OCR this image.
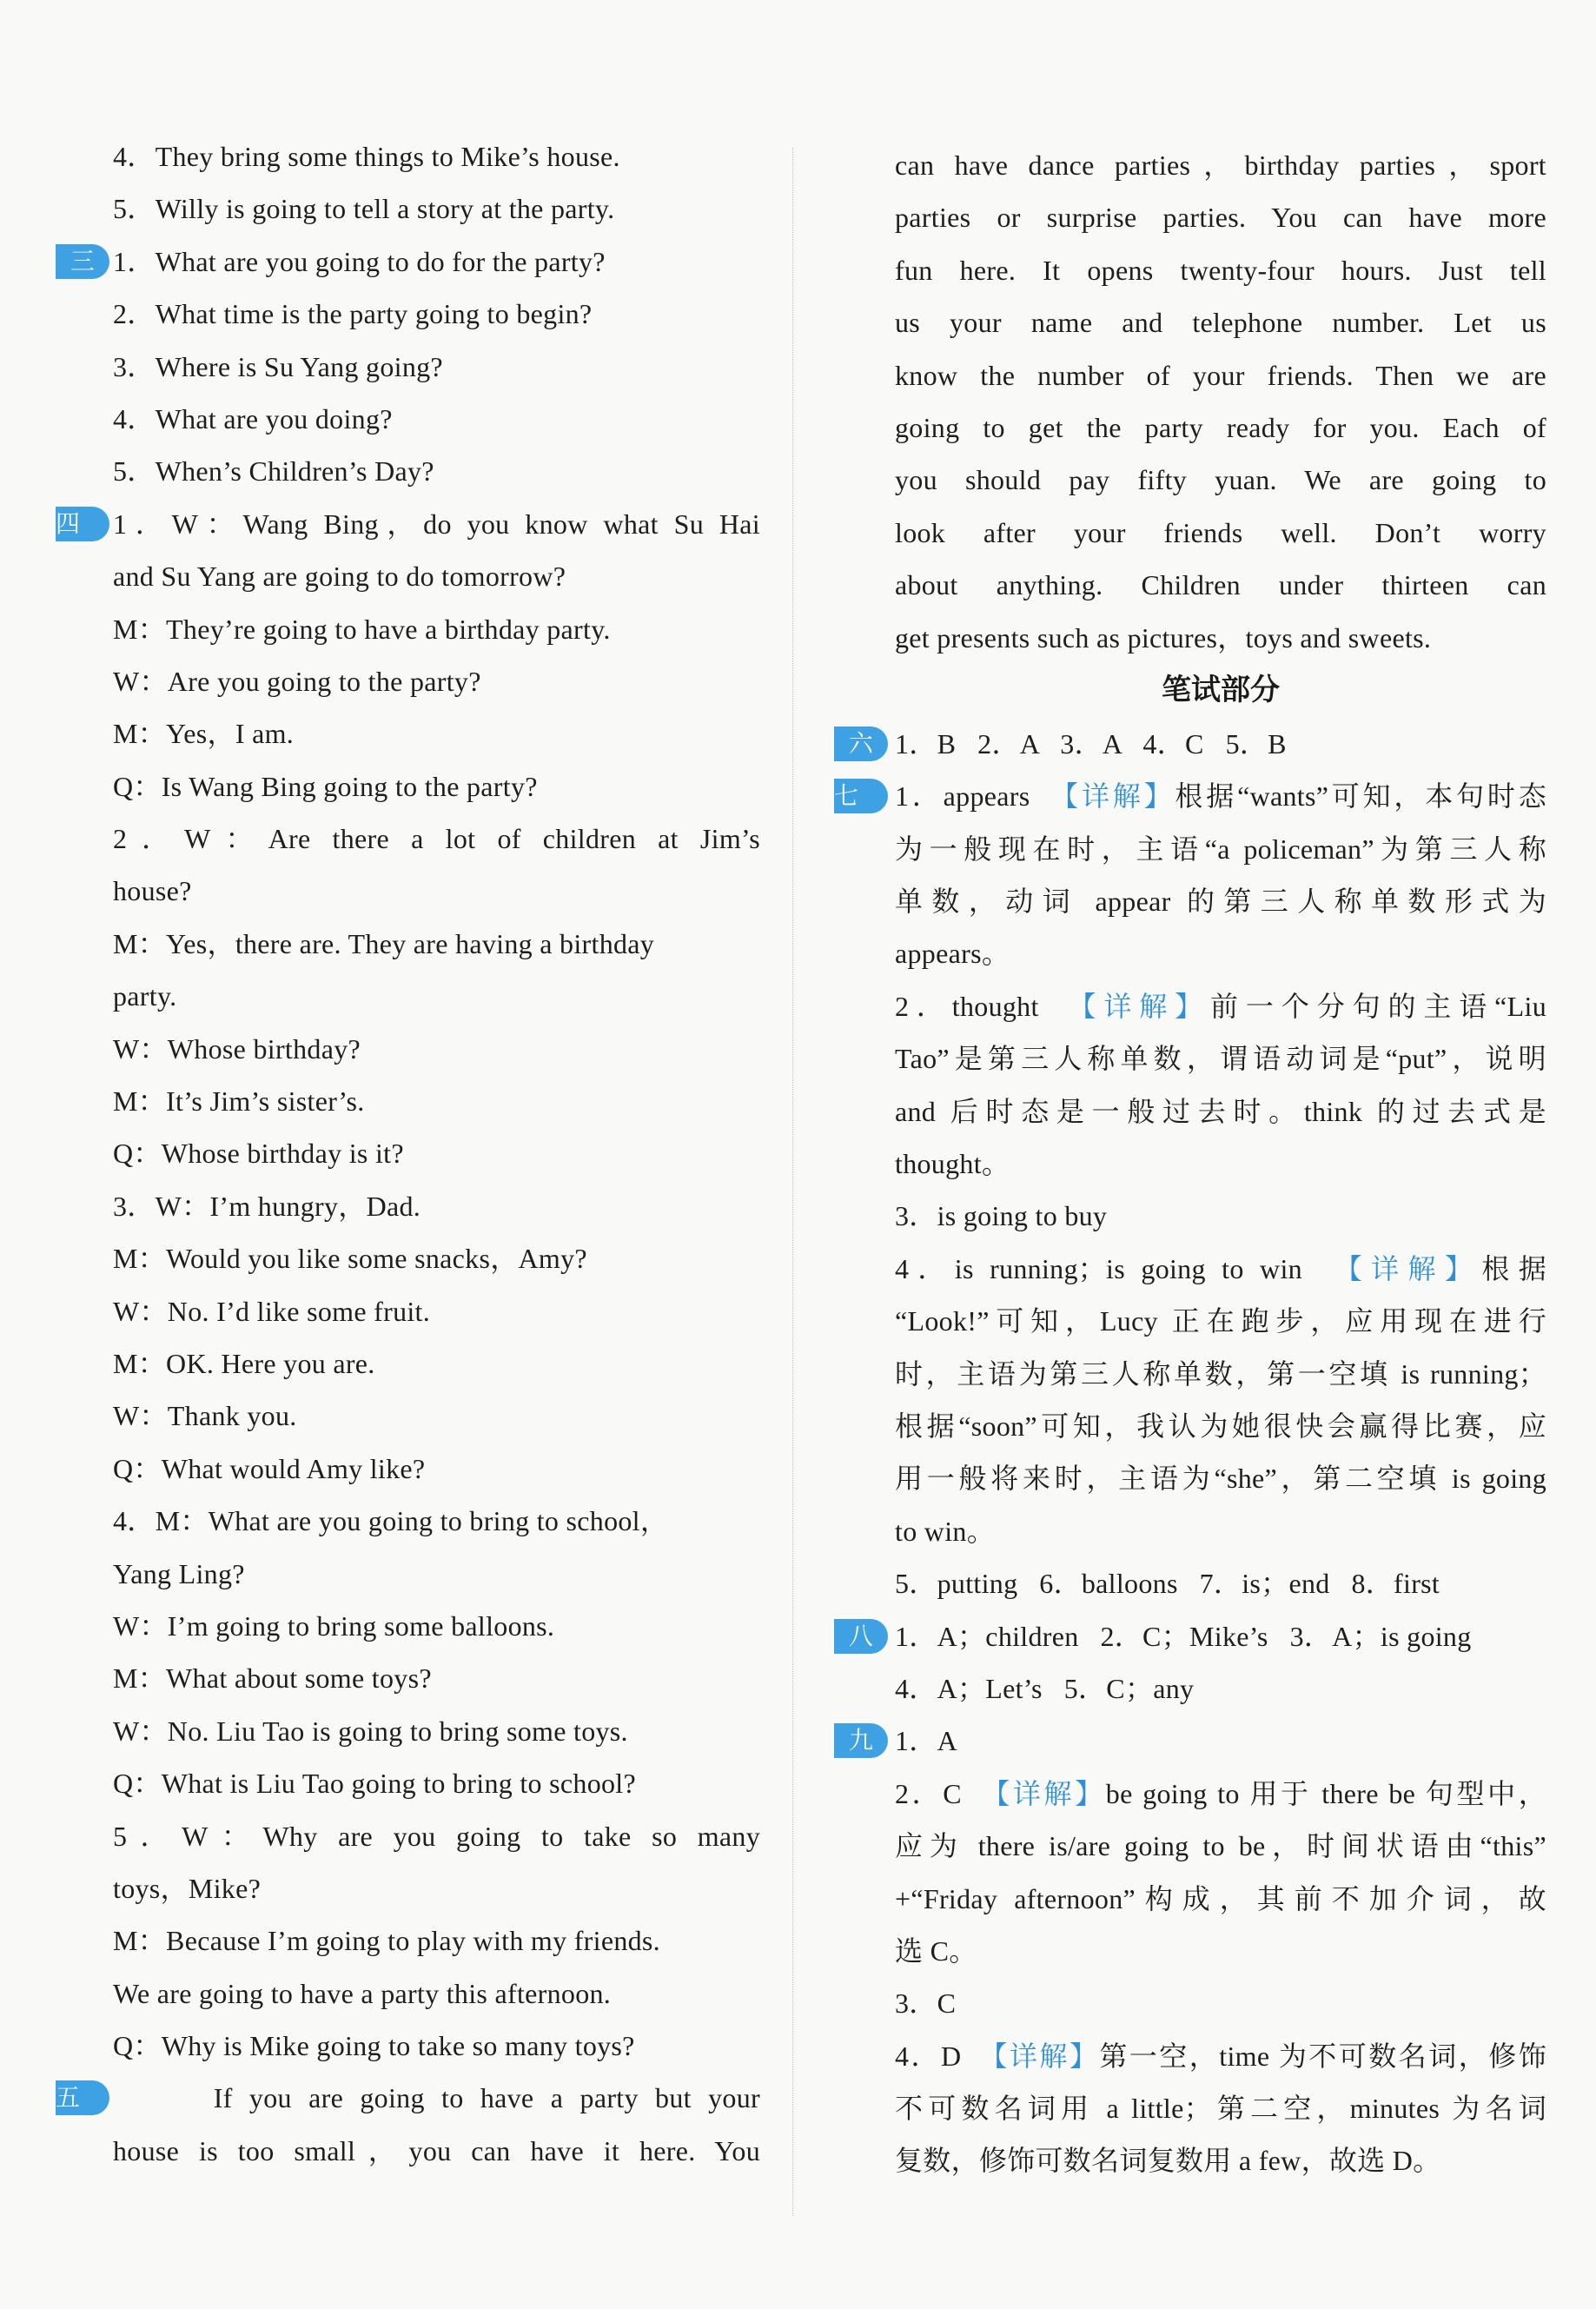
4．They bring some things to Mike’s house.
5．Willy is going to tell a story at the party.
三 1．What are you going to do for the party?
2．What time is the party going to begin?
3．Where is Su Yang going?
4．What are you doing?
5．When’s Children’s Day?
四	1．W：Wang Bing，do you know what Su Hai
and Su Yang are going to do tomorrow?
M：They’re going to have a birthday party.
W：Are you going to the party?
M：Yes，I am.
Q：Is Wang Bing going to the party?
2．W：Are there a lot of children at Jim’s
house?
M：Yes，there are. They are having a birthday
party.
W：Whose birthday?
M：It’s Jim’s sister’s.
Q：Whose birthday is it?
3．W：I’m hungry，Dad.
M：Would you like some snacks，Amy?
W：No. I’d like some fruit.
M：OK. Here you are.
W：Thank you.
Q：What would Amy like?
4．M：What are you going to bring to school，
Yang Ling?
W：I’m going to bring some balloons.
M：What about some toys?
W：No. Liu Tao is going to bring some toys.
Q：What is Liu Tao going to bring to school?
5．W：Why are you going to take so many
toys，Mike?
M：Because I’m going to play with my friends.
We are going to have a party this afternoon.
Q：Why is Mike going to take so many toys?
五	If you are going to have a party but your
house is too small，you can have it here. You
can have dance parties，birthday parties，sport
parties or surprise parties. You can have more
fun here. It opens twenty-four hours. Just tell
us your name and telephone number. Let us
know the number of your friends. Then we are
going to get the party ready for you. Each of
you should pay fifty yuan. We are going to
look after your friends well. Don’t worry
about anything. Children under thirteen can
get presents such as pictures，toys and sweets.
笔试部分
六 1．B   2．A   3．A   4．C   5．B
七	1．appears  【详解】根据“wants”可知，本句时态
为一般现在时，主语“a policeman”为第三人称
单数，动词 appear 的第三人称单数形式为
appears。
2．thought  【详解】前一个分句的主语“Liu
Tao”是第三人称单数，谓语动词是“put”，说明
and 后时态是一般过去时。think 的过去式是
thought。
3．is going to buy
4．is running；is going to win  【详解】根据
“Look!”可知，Lucy 正在跑步，应用现在进行
时，主语为第三人称单数，第一空填 is running；
根据“soon”可知，我认为她很快会赢得比赛，应
用一般将来时，主语为“she”，第二空填 is going
to win。
5．putting   6．balloons   7．is；end   8．first
八 1．A；children   2．C；Mike’s   3．A；is going
4．A；Let’s   5．C；any
九 1．A
2．C  【详解】be going to 用于 there be 句型中，
应为 there is/are going to be，时间状语由“this”
+“Friday afternoon”构成，其前不加介词，故
选 C。
3．C
4．D  【详解】第一空，time 为不可数名词，修饰
不可数名词用 a little；第二空，minutes 为名词
复数，修饰可数名词复数用 a few，故选 D。
